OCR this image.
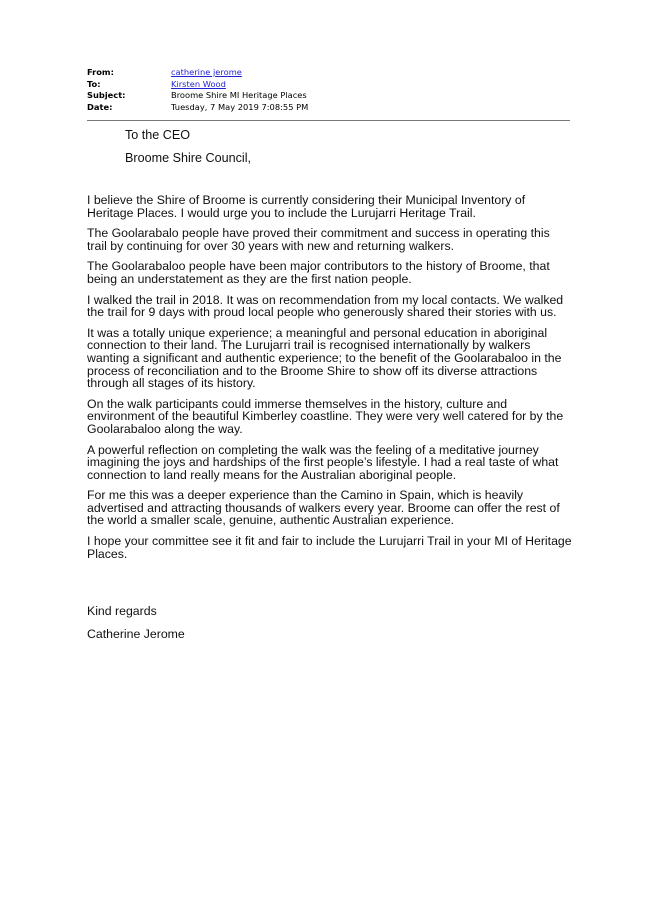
From:	catherine jerome
To:	Kirsten Wood
Subject:	Broome Shire MI Heritage Places
Date:	Tuesday, 7 May 2019 7:08:55 PM
To the CEO
Broome Shire Council,

I believe the Shire of Broome is currently considering their Municipal Inventory of Heritage Places. I would urge you to include the Lurujarri Heritage Trail.

The Goolarabalo people have proved their commitment and success in operating this trail by continuing for over 30 years with new and returning walkers.

The Goolarabaloo people have been major contributors to the history of Broome, that being an understatement as they are the first nation people.

I walked the trail in 2018. It was on recommendation from my local contacts. We walked the trail for 9 days with proud local people who generously shared their stories with us.

It was a totally unique experience; a meaningful and personal education in aboriginal connection to their land. The Lurujarri trail is recognised internationally by walkers wanting a significant and authentic experience; to the benefit of the Goolarabaloo in the process of reconciliation and to the Broome Shire to show off its diverse attractions through all stages of its history.

On the walk participants could immerse themselves in the history, culture and environment of the beautiful Kimberley coastline. They were very well catered for by the Goolarabaloo along the way.

A powerful reflection on completing the walk was the feeling of a meditative journey imagining the joys and hardships of the first people’s lifestyle. I had a real taste of what connection to land really means for the Australian aboriginal people.

For me this was a deeper experience than the Camino in Spain, which is heavily advertised and attracting thousands of walkers every year. Broome can offer the rest of the world a smaller scale, genuine, authentic Australian experience.

I hope your committee see it fit and fair to include the Lurujarri Trail in your MI of Heritage Places.

Kind regards
Catherine Jerome
